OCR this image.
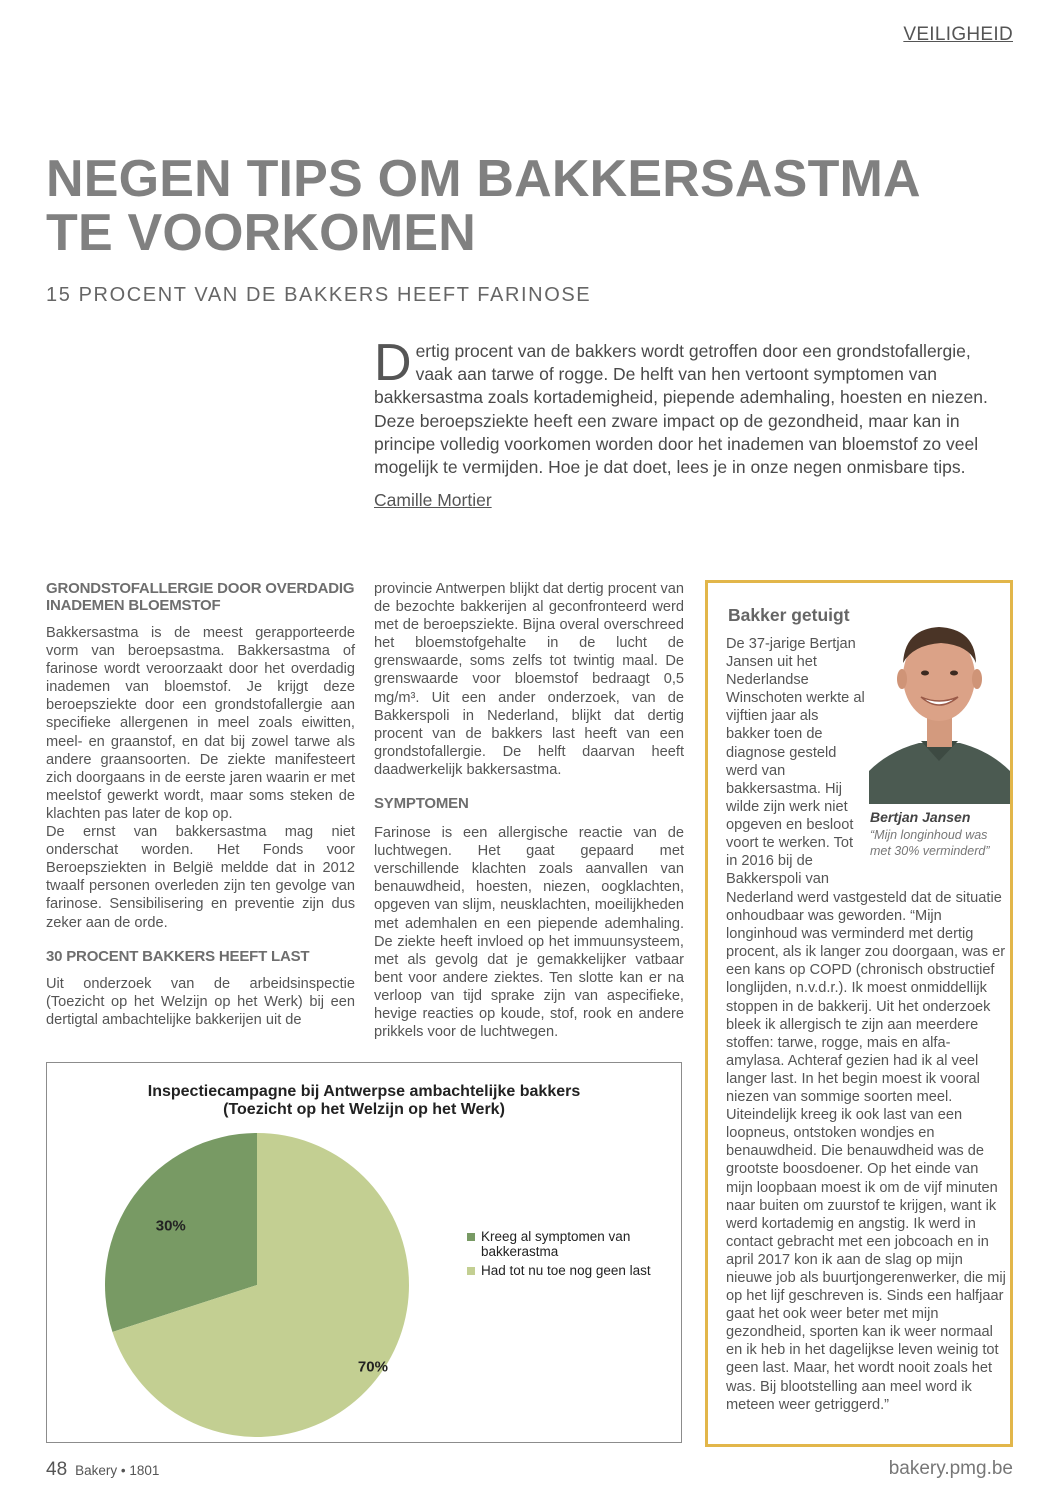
VEILIGHEID
NEGEN TIPS OM BAKKERSASTMA
TE VOORKOMEN
15 PROCENT VAN DE BAKKERS HEEFT FARINOSE

Dertig procent van de bakkers wordt getroffen door een grondstofallergie, vaak aan tarwe of rogge. De helft van hen vertoont symptomen van bakkersastma zoals kortademigheid, piepende ademhaling, hoesten en niezen. Deze beroepsziekte heeft een zware impact op de gezondheid, maar kan in principe volledig voorkomen worden door het inademen van bloemstof zo veel mogelijk te vermijden. Hoe je dat doet, lees je in onze negen onmisbare tips.

Camille Mortier
GRONDSTOFALLERGIE DOOR OVERDADIG INADEMEN BLOEMSTOF

Bakkersastma is de meest gerapporteerde vorm van beroepsastma. Bakkersastma of farinose wordt veroorzaakt door het overdadig inademen van bloemstof. Je krijgt deze beroepsziekte door een grondstofallergie aan specifieke allergenen in meel zoals eiwitten, meel- en graanstof, en dat bij zowel tarwe als andere graansoorten. De ziekte manifesteert zich doorgaans in de eerste jaren waarin er met meelstof gewerkt wordt, maar soms steken de klachten pas later de kop op.

De ernst van bakkersastma mag niet onderschat worden. Het Fonds voor Beroepsziekten in België meldde dat in 2012 twaalf personen overleden zijn ten gevolge van farinose. Sensibilisering en preventie zijn dus zeker aan de orde.

30 PROCENT BAKKERS HEEFT LAST

Uit onderzoek van de arbeidsinspectie (Toezicht op het Welzijn op het Werk) bij een dertigtal ambachtelijke bakkerijen uit de

provincie Antwerpen blijkt dat dertig procent van de bezochte bakkerijen al geconfronteerd werd met de beroepsziekte. Bijna overal overschreed het bloemstofgehalte in de lucht de grenswaarde, soms zelfs tot twintig maal. De grenswaarde voor bloemstof bedraagt 0,5 mg/m³. Uit een ander onderzoek, van de Bakkerspoli in Nederland, blijkt dat dertig procent van de bakkers last heeft van een grondstofallergie. De helft daarvan heeft daadwerkelijk bakkersastma.

SYMPTOMEN

Farinose is een allergische reactie van de luchtwegen. Het gaat gepaard met verschillende klachten zoals aanvallen van benauwdheid, hoesten, niezen, oogklachten, opgeven van slijm, neusklachten, moeilijkheden met ademhalen en een piepende ademhaling. De ziekte heeft invloed op het immuunsysteem, met als gevolg dat je gemakkelijker vatbaar bent voor andere ziektes. Ten slotte kan er na verloop van tijd sprake zijn van aspecifieke, hevige reacties op koude, stof, rook en andere prikkels voor de luchtwegen.

Inspectiecampagne bij Antwerpse ambachtelijke bakkers
(Toezicht op het Welzijn op het Werk)
30%
70%
Kreeg al symptomen van bakkerastma
Had tot nu toe nog geen last
Bakker getuigt
De 37-jarige Bertjan Jansen uit het Nederlandse Winschoten werkte al vijftien jaar als bakker toen de diagnose gesteld werd van bakkersastma. Hij wilde zijn werk niet opgeven en besloot voort te werken. Tot in 2016 bij de Bakkerspoli van
Bertjan Jansen
“Mijn longinhoud was met 30% verminderd”
Nederland werd vastgesteld dat de situatie onhoudbaar was geworden. “Mijn longinhoud was verminderd met dertig procent, als ik langer zou doorgaan, was er een kans op COPD (chronisch obstructief longlijden, n.v.d.r.). Ik moest onmiddellijk stoppen in de bakkerij. Uit het onderzoek bleek ik allergisch te zijn aan meerdere stoffen: tarwe, rogge, mais en alfa-amylasa. Achteraf gezien had ik al veel langer last. In het begin moest ik vooral niezen van sommige soorten meel. Uiteindelijk kreeg ik ook last van een loopneus, ontstoken wondjes en benauwdheid. Die benauwdheid was de grootste boosdoener. Op het einde van mijn loopbaan moest ik om de vijf minuten naar buiten om zuurstof te krijgen, want ik werd kortademig en angstig. Ik werd in contact gebracht met een jobcoach en in april 2017 kon ik aan de slag op mijn nieuwe job als buurtjongerenwerker, die mij op het lijf geschreven is. Sinds een halfjaar gaat het ook weer beter met mijn gezondheid, sporten kan ik weer normaal en ik heb in het dagelijkse leven weinig tot geen last. Maar, het wordt nooit zoals het was. Bij blootstelling aan meel word ik meteen weer getriggerd.”
48 Bakery • 1801	bakery.pmg.be
